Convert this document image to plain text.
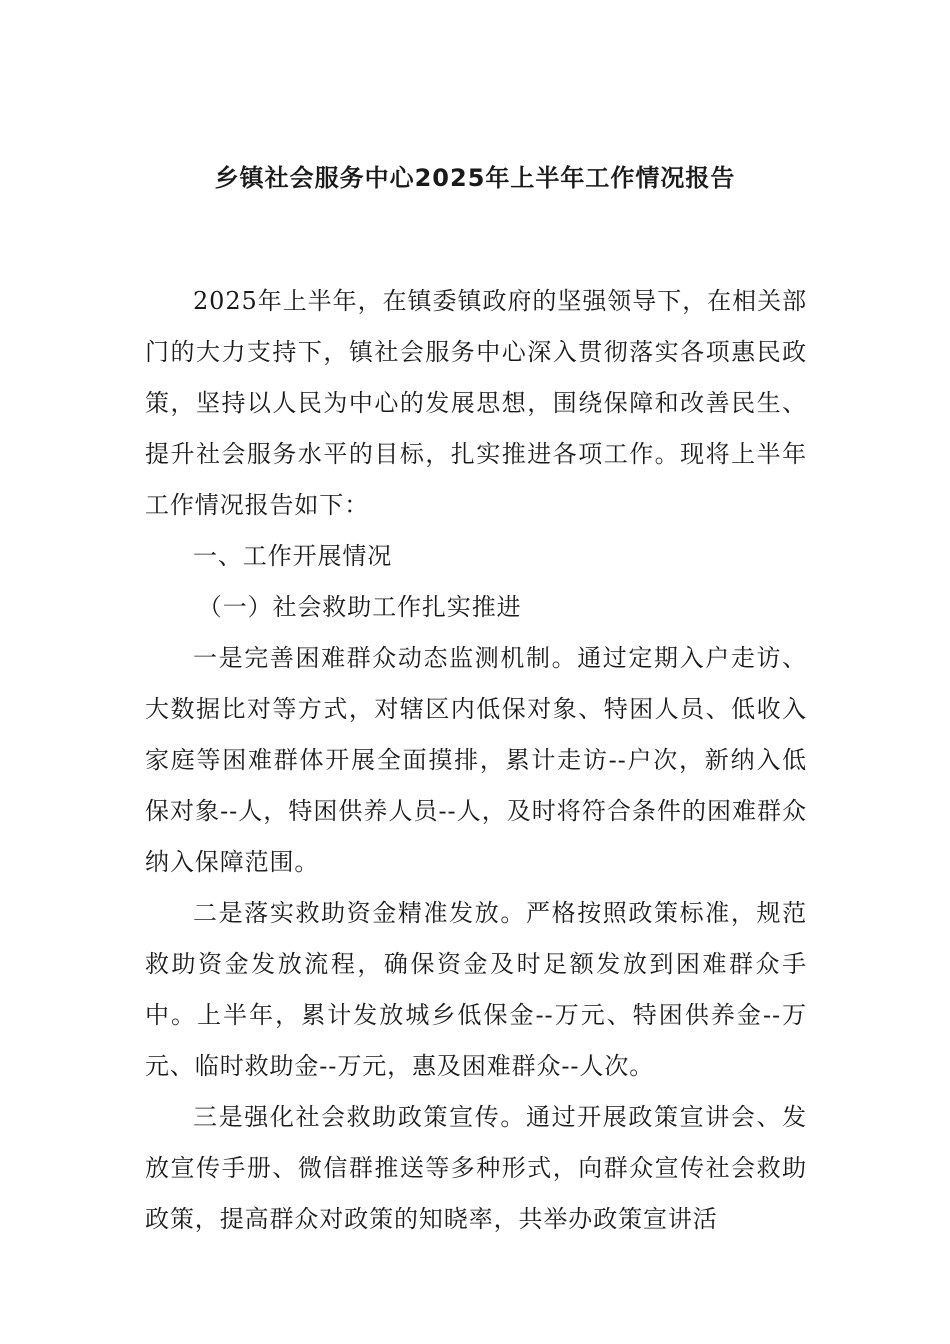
乡镇社会服务中心2025年上半年工作情况报告

2025年上半年，在镇委镇政府的坚强领导下，在相关部门的大力支持下，镇社会服务中心深入贯彻落实各项惠民政策，坚持以人民为中心的发展思想，围绕保障和改善民生、提升社会服务水平的目标，扎实推进各项工作。现将上半年工作情况报告如下：

一、工作开展情况

（一）社会救助工作扎实推进

一是完善困难群众动态监测机制。通过定期入户走访、大数据比对等方式，对辖区内低保对象、特困人员、低收入家庭等困难群体开展全面摸排，累计走访--户次，新纳入低保对象--人，特困供养人员--人，及时将符合条件的困难群众纳入保障范围。

二是落实救助资金精准发放。严格按照政策标准，规范救助资金发放流程，确保资金及时足额发放到困难群众手中。上半年，累计发放城乡低保金--万元、特困供养金--万元、临时救助金--万元，惠及困难群众--人次。

三是强化社会救助政策宣传。通过开展政策宣讲会、发放宣传手册、微信群推送等多种形式，向群众宣传社会救助政策，提高群众对政策的知晓率，共举办政策宣讲活
